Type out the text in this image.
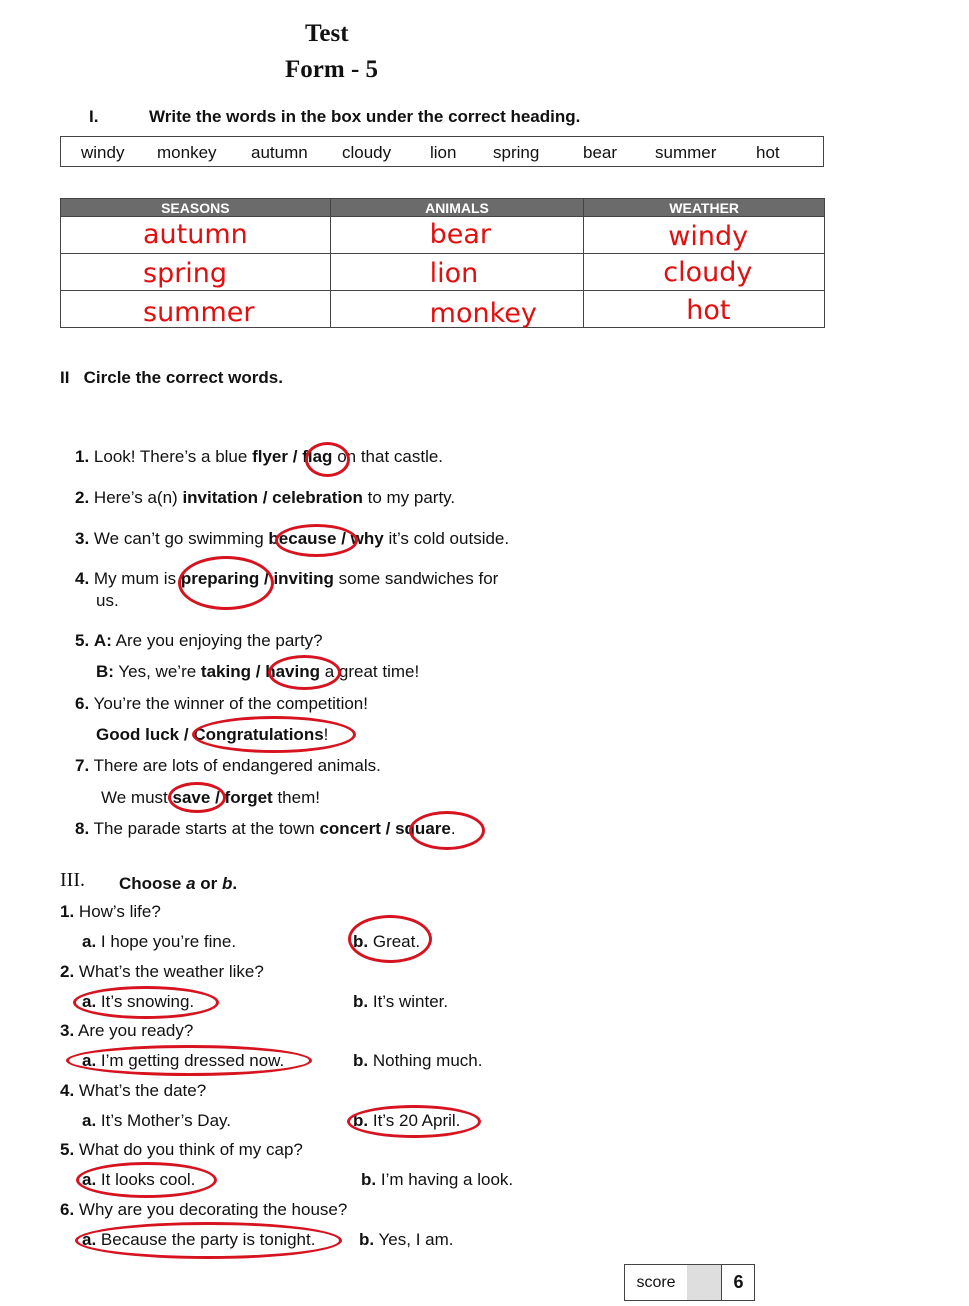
Test
Form - 5
I.	Write the words in the box under the correct heading.
windy monkey autumn cloudy lion spring	bear summer hot
SEASONS	ANIMALS	WEATHER

autumn	bear	windy

spring	lion	cloudy

summer	monkey	hot
II Circle the correct words.
1. Look! There’s a blue flyer / flag on that castle.
2. Here’s a(n) invitation / celebration to my party.
3. We can’t go swimming because / why it’s cold outside.
4. My mum is preparing / inviting some sandwiches for
us.
5. A: Are you enjoying the party?
B: Yes, we’re taking / having a great time!
6. You’re the winner of the competition!
Good luck / Congratulations!
7. There are lots of endangered animals.
We must save / forget them!
8. The parade starts at the town concert / square.
III. Choose a or b.
1. How’s life?
a. I hope you’re fine.	b. Great.
2. What’s the weather like?
a. It’s snowing.	b. It’s winter.
3. Are you ready?
a. I’m getting dressed now.	b. Nothing much.
4. What’s the date?
a. It’s Mother’s Day.	b. It’s 20 April.
5. What do you think of my cap?
a. It looks cool.	b. I’m having a look.
6. Why are you decorating the house?
a. Because the party is tonight.	b. Yes, I am.
score	6
